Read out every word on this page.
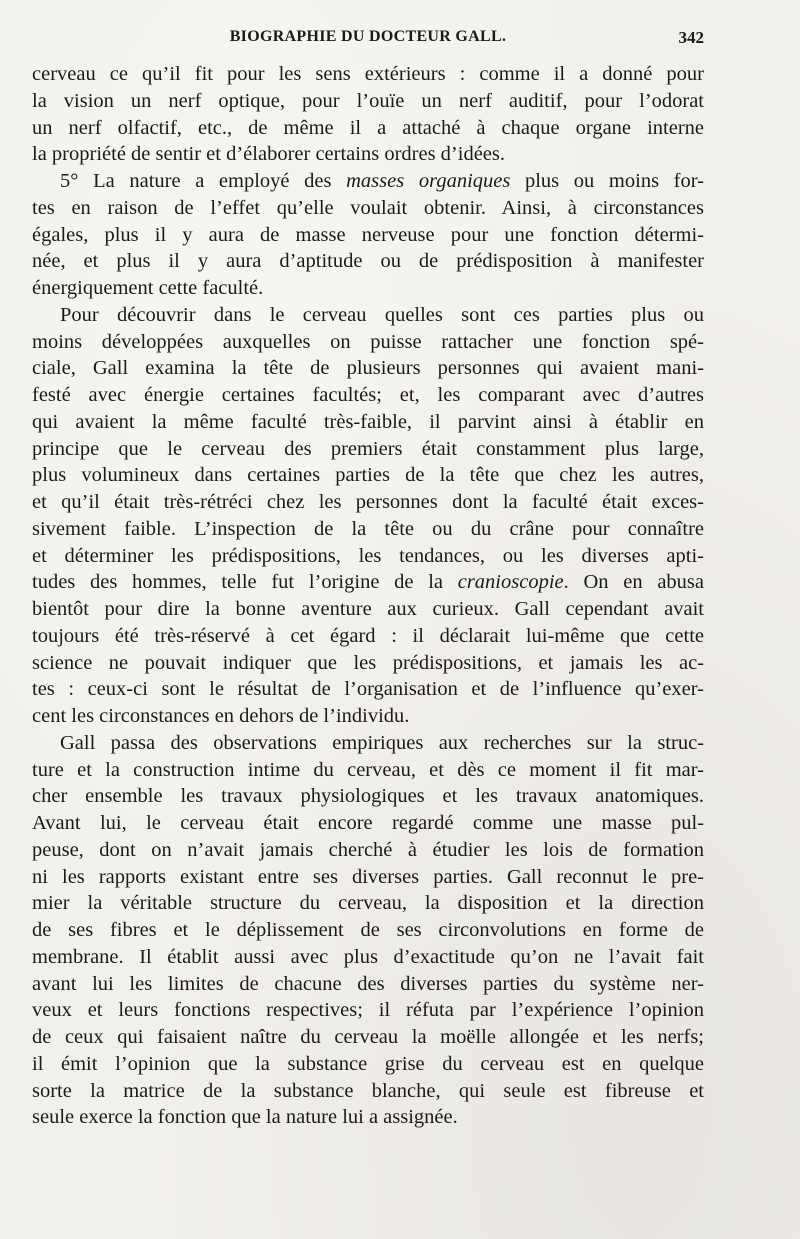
BIOGRAPHIE DU DOCTEUR GALL.	342
cerveau ce qu’il fit pour les sens extérieurs : comme il a donné pour
la vision un nerf optique, pour l’ouïe un nerf auditif, pour l’odorat
un nerf olfactif, etc., de même il a attaché à chaque organe interne
la propriété de sentir et d’élaborer certains ordres d’idées.
5° La nature a employé des masses organiques plus ou moins for-
tes en raison de l’effet qu’elle voulait obtenir. Ainsi, à circonstances
égales, plus il y aura de masse nerveuse pour une fonction détermi-
née, et plus il y aura d’aptitude ou de prédisposition à manifester
énergiquement cette faculté.
Pour découvrir dans le cerveau quelles sont ces parties plus ou
moins développées auxquelles on puisse rattacher une fonction spé-
ciale, Gall examina la tête de plusieurs personnes qui avaient mani-
festé avec énergie certaines facultés; et, les comparant avec d’autres
qui avaient la même faculté très-faible, il parvint ainsi à établir en
principe que le cerveau des premiers était constamment plus large,
plus volumineux dans certaines parties de la tête que chez les autres,
et qu’il était très-rétréci chez les personnes dont la faculté était exces-
sivement faible. L’inspection de la tête ou du crâne pour connaître
et déterminer les prédispositions, les tendances, ou les diverses apti-
tudes des hommes, telle fut l’origine de la cranioscopie. On en abusa
bientôt pour dire la bonne aventure aux curieux. Gall cependant avait
toujours été très-réservé à cet égard : il déclarait lui-même que cette
science ne pouvait indiquer que les prédispositions, et jamais les ac-
tes : ceux-ci sont le résultat de l’organisation et de l’influence qu’exer-
cent les circonstances en dehors de l’individu.
Gall passa des observations empiriques aux recherches sur la struc-
ture et la construction intime du cerveau, et dès ce moment il fit mar-
cher ensemble les travaux physiologiques et les travaux anatomiques.
Avant lui, le cerveau était encore regardé comme une masse pul-
peuse, dont on n’avait jamais cherché à étudier les lois de formation
ni les rapports existant entre ses diverses parties. Gall reconnut le pre-
mier la véritable structure du cerveau, la disposition et la direction
de ses fibres et le déplissement de ses circonvolutions en forme de
membrane. Il établit aussi avec plus d’exactitude qu’on ne l’avait fait
avant lui les limites de chacune des diverses parties du système ner-
veux et leurs fonctions respectives; il réfuta par l’expérience l’opinion
de ceux qui faisaient naître du cerveau la moëlle allongée et les nerfs;
il émit l’opinion que la substance grise du cerveau est en quelque
sorte la matrice de la substance blanche, qui seule est fibreuse et
seule exerce la fonction que la nature lui a assignée.
